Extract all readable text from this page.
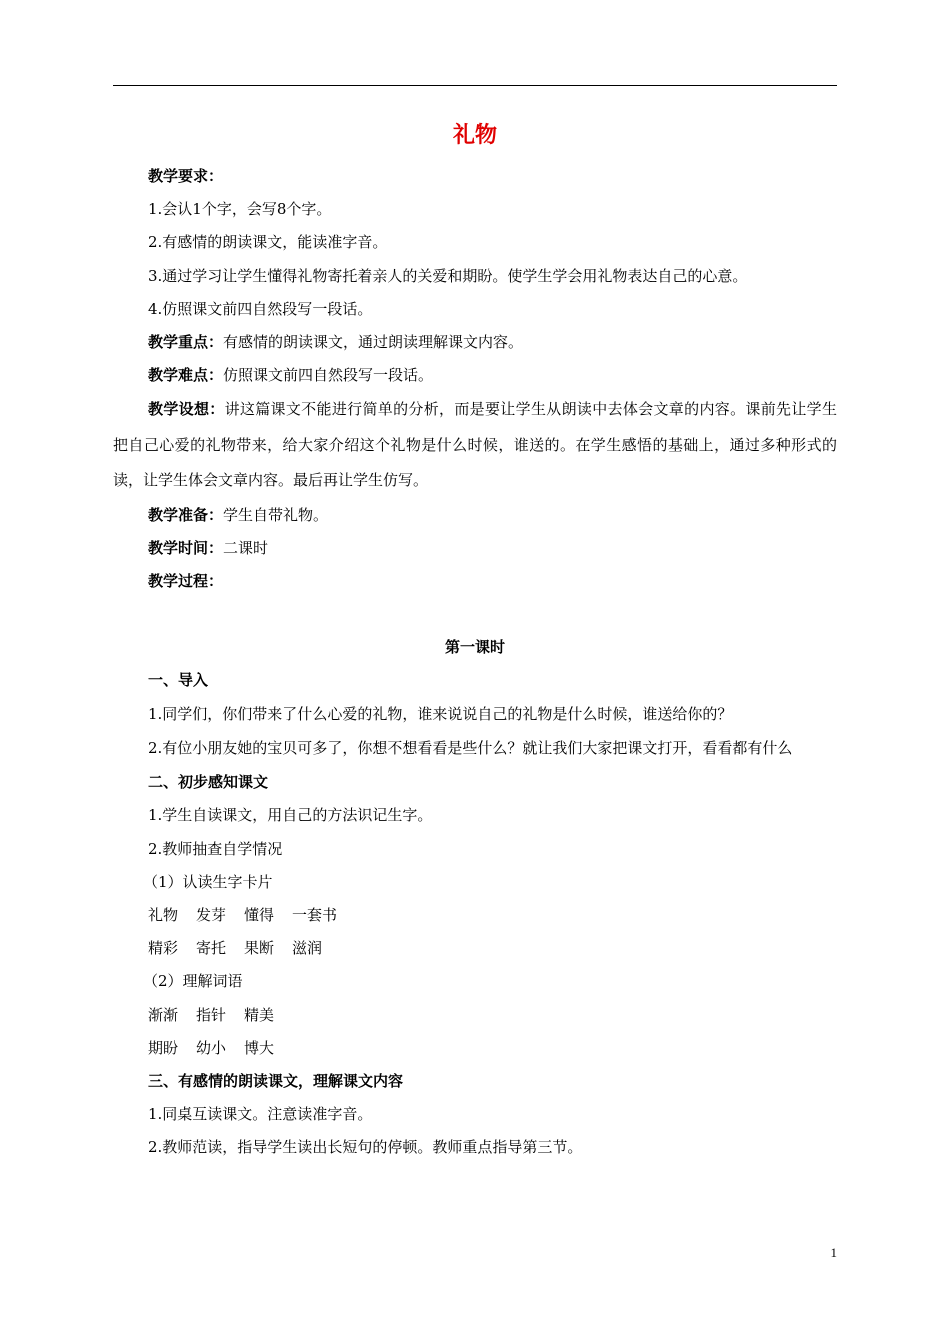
礼物
教学要求：
1.会认1个字，会写8个字。
2.有感情的朗读课文，能读准字音。
3.通过学习让学生懂得礼物寄托着亲人的关爱和期盼。使学生学会用礼物表达自己的心意。
4.仿照课文前四自然段写一段话。
教学重点：有感情的朗读课文，通过朗读理解课文内容。
教学难点：仿照课文前四自然段写一段话。
教学设想：讲这篇课文不能进行简单的分析，而是要让学生从朗读中去体会文章的内容。课前先让学生把自己心爱的礼物带来，给大家介绍这个礼物是什么时候，谁送的。在学生感悟的基础上，通过多种形式的读，让学生体会文章内容。最后再让学生仿写。
教学准备：学生自带礼物。
教学时间：二课时
教学过程：
第一课时
一、导入
1.同学们，你们带来了什么心爱的礼物，谁来说说自己的礼物是什么时候，谁送给你的？
2.有位小朋友她的宝贝可多了，你想不想看看是些什么？就让我们大家把课文打开，看看都有什么
二、初步感知课文
1.学生自读课文，用自己的方法识记生字。
2.教师抽查自学情况
（1）认读生字卡片
礼物 发芽 懂得 一套书
精彩 寄托 果断 滋润
（2）理解词语
渐渐 指针 精美
期盼 幼小 博大
三、有感情的朗读课文，理解课文内容
1.同桌互读课文。注意读准字音。
2.教师范读，指导学生读出长短句的停顿。教师重点指导第三节。
1
